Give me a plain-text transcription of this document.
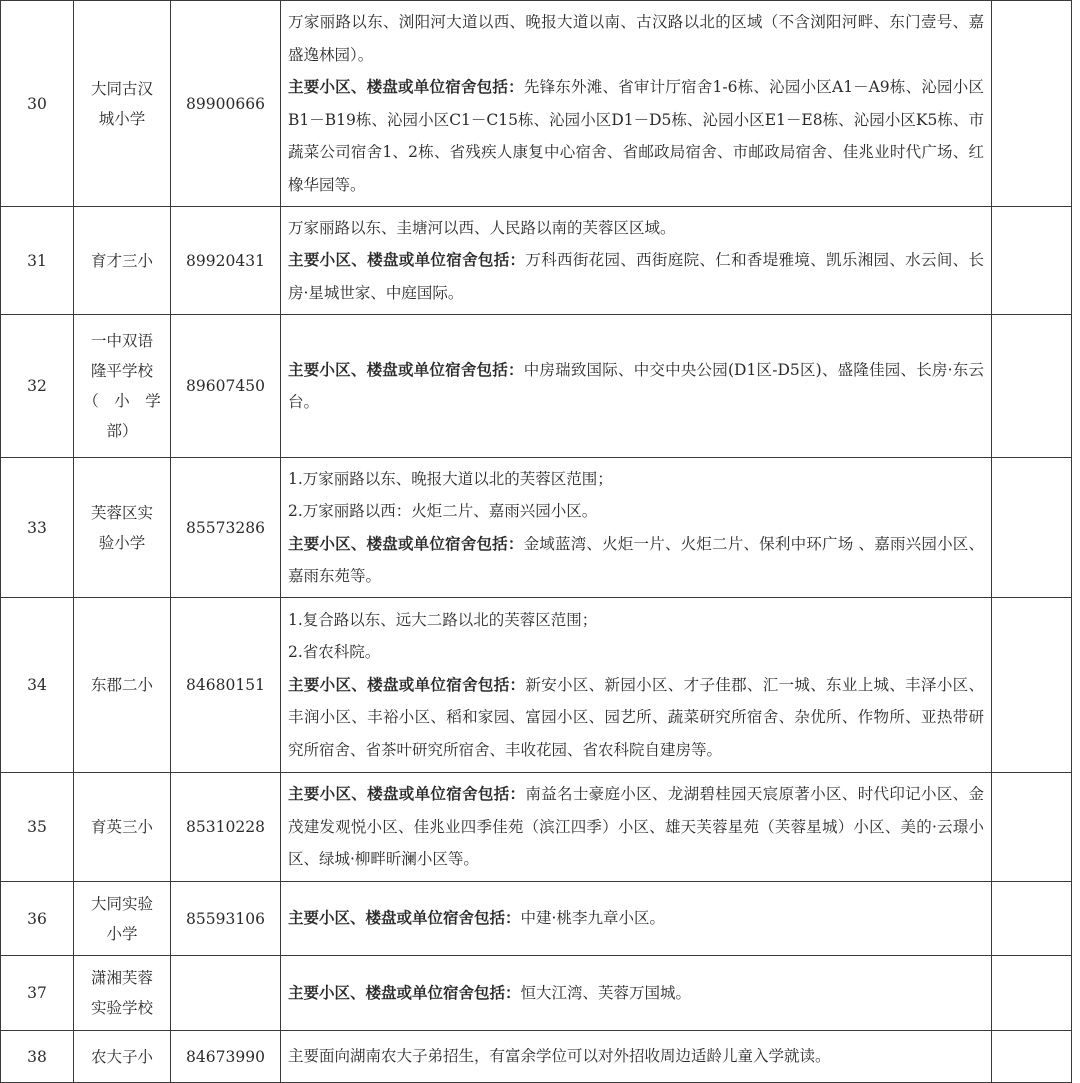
30	大同古汉
城小学	89900666	万家丽路以东、浏阳河大道以西、晚报大道以南、古汉路以北的区域（不含浏阳河畔、东门壹号、嘉盛逸林园）。
主要小区、楼盘或单位宿舍包括：先锋东外滩、省审计厅宿舍1-6栋、沁园小区A1－A9栋、沁园小区B1－B19栋、沁园小区C1－C15栋、沁园小区D1－D5栋、沁园小区E1－E8栋、沁园小区K5栋、市蔬菜公司宿舍1、2栋、省残疾人康复中心宿舍、省邮政局宿舍、市邮政局宿舍、佳兆业时代广场、红橡华园等。	

31	育才三小	89920431	万家丽路以东、圭塘河以西、人民路以南的芙蓉区区域。
主要小区、楼盘或单位宿舍包括：万科西街花园、西街庭院、仁和香堤雅境、凯乐湘园、水云间、长房·星城世家、中庭国际。	

32	一中双语
隆平学校
（　小　学
部）	89607450	主要小区、楼盘或单位宿舍包括：中房瑞致国际、中交中央公园(D1区-D5区)、盛隆佳园、长房·东云台。	

33	芙蓉区实
验小学	85573286	1.万家丽路以东、晚报大道以北的芙蓉区范围；
2.万家丽路以西：火炬二片、嘉雨兴园小区。
主要小区、楼盘或单位宿舍包括：金域蓝湾、火炬一片、火炬二片、保利中环广场 、嘉雨兴园小区、嘉雨东苑等。	

34	东郡二小	84680151	1.复合路以东、远大二路以北的芙蓉区范围；
2.省农科院。
主要小区、楼盘或单位宿舍包括：新安小区、新园小区、才子佳郡、汇一城、东业上城、丰泽小区、丰润小区、丰裕小区、稻和家园、富园小区、园艺所、蔬菜研究所宿舍、杂优所、作物所、亚热带研究所宿舍、省茶叶研究所宿舍、丰收花园、省农科院自建房等。	

35	育英三小	85310228	主要小区、楼盘或单位宿舍包括：南益名士豪庭小区、龙湖碧桂园天宸原著小区、时代印记小区、金茂建发观悦小区、佳兆业四季佳苑（滨江四季）小区、雄天芙蓉星苑（芙蓉星城）小区、美的·云璟小区、绿城·柳畔昕澜小区等。	

36	大同实验
小学	85593106	主要小区、楼盘或单位宿舍包括：中建·桃李九章小区。	

37	潇湘芙蓉
实验学校		主要小区、楼盘或单位宿舍包括：恒大江湾、芙蓉万国城。	

38	农大子小	84673990	主要面向湖南农大子弟招生，有富余学位可以对外招收周边适龄儿童入学就读。	
